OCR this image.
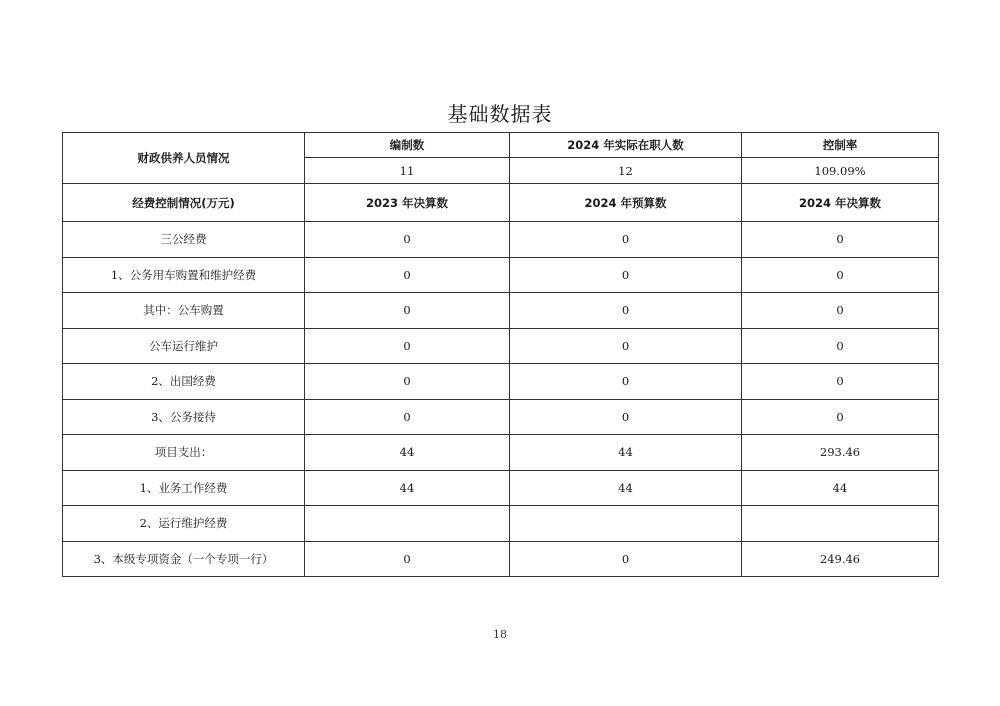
基础数据表
财政供养人员情况	编制数	2024 年实际在职人数	控制率
	11	12	109.09%
经费控制情况(万元)	2023 年决算数	2024 年预算数	2024 年决算数
三公经费	0	0	0
1、公务用车购置和维护经费	0	0	0
其中：公车购置	0	0	0
公车运行维护	0	0	0
2、出国经费	0	0	0
3、公务接待	0	0	0
项目支出：	44	44	293.46
1、业务工作经费	44	44	44
2、运行维护经费			
3、本级专项资金（一个专项一行）	0	0	249.46
18
